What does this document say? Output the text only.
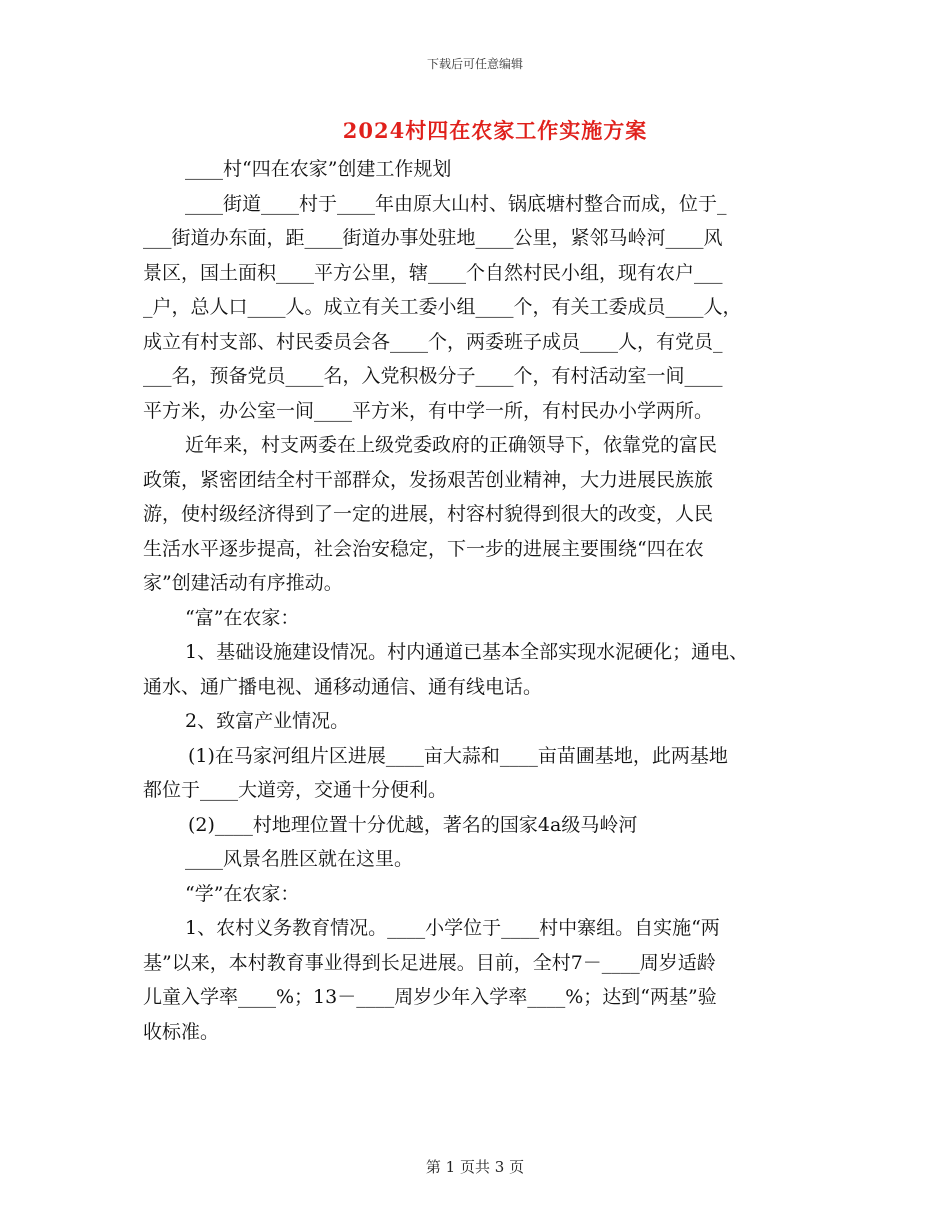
下载后可任意编辑
2024村四在农家工作实施方案

____村“四在农家”创建工作规划

____街道____村于____年由原大山村、锅底塘村整合而成，位于_

___街道办东面，距____街道办事处驻地____公里，紧邻马岭河____风

景区，国土面积____平方公里，辖____个自然村民小组，现有农户___

_户，总人口____人。成立有关工委小组____个，有关工委成员____人，

成立有村支部、村民委员会各____个，两委班子成员____人，有党员_

___名，预备党员____名，入党积极分子____个，有村活动室一间____

平方米，办公室一间____平方米，有中学一所，有村民办小学两所。

近年来，村支两委在上级党委政府的正确领导下，依靠党的富民

政策，紧密团结全村干部群众，发扬艰苦创业精神，大力进展民族旅

游，使村级经济得到了一定的进展，村容村貌得到很大的改变，人民

生活水平逐步提高，社会治安稳定，下一步的进展主要围绕“四在农

家”创建活动有序推动。

“富”在农家：

1、基础设施建设情况。村内通道已基本全部实现水泥硬化；通电、

通水、通广播电视、通移动通信、通有线电话。

2、致富产业情况。

(1)在马家河组片区进展____亩大蒜和____亩苗圃基地，此两基地

都位于____大道旁，交通十分便利。

(2)____村地理位置十分优越，著名的国家4a级马岭河

____风景名胜区就在这里。

“学”在农家：

1、农村义务教育情况。____小学位于____村中寨组。自实施“两

基”以来，本村教育事业得到长足进展。目前，全村7－____周岁适龄

儿童入学率____%；13－____周岁少年入学率____%；达到“两基”验

收标准。

第 1 页共 3 页
